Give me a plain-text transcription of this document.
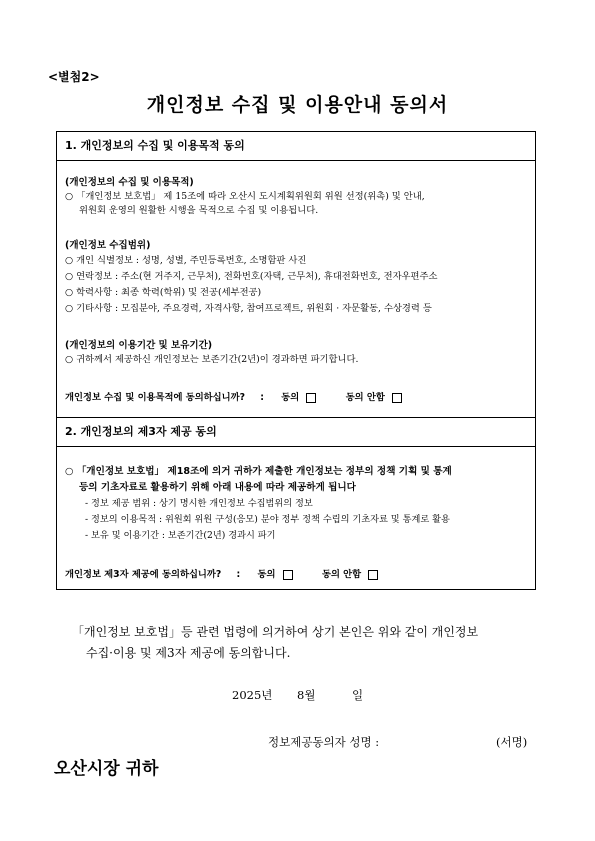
<별첨2>
개인정보 수집 및 이용안내 동의서
1. 개인정보의 수집 및 이용목적 동의
(개인정보의 수집 및 이용목적)
○ 「개인정보 보호법」 제 15조에 따라 오산시 도시계획위원회 위원 선정(위촉) 및 안내,
위원회 운영의 원활한 시행을 목적으로 수집 및 이용됩니다.
(개인정보 수집범위)
○ 개인 식별정보 : 성명, 성별, 주민등록번호, 소명함판 사진
○ 연락정보 : 주소(현 거주지, 근무처), 전화번호(자택, 근무처), 휴대전화번호, 전자우편주소
○ 학력사항 : 최종 학력(학위) 및 전공(세부전공)
○ 기타사항 : 모집분야, 주요경력, 자격사항, 참여프로젝트, 위원회 · 자문활동, 수상경력 등
(개인정보의 이용기간 및 보유기간)
○ 귀하께서 제공하신 개인정보는 보존기간(2년)이 경과하면 파기합니다.
개인정보 수집 및 이용목적에 동의하십니까? : 동의	동의 안함
2. 개인정보의 제3자 제공 동의
○ 「개인정보 보호법」 제18조에 의거 귀하가 제출한 개인정보는 정부의 정책 기획 및 통계
등의 기초자료로 활용하기 위해 아래 내용에 따라 제공하게 됩니다
- 정보 제공 범위 : 상기 명시한 개인정보 수집범위의 정보
- 정보의 이용목적 : 위원회 위원 구성(응모) 분야 정부 정책 수립의 기초자료 및 통계로 활용
- 보유 및 이용기간 : 보존기간(2년) 경과시 파기
개인정보 제3자 제공에 동의하십니까? : 동의	동의 안함
「개인정보 보호법」등 관련 법령에 의거하여 상기 본인은 위와 같이 개인정보
수집·이용 및 제3자 제공에 동의합니다.
2025년 8월	일
정보제공동의자 성명 :	(서명)
오산시장 귀하
